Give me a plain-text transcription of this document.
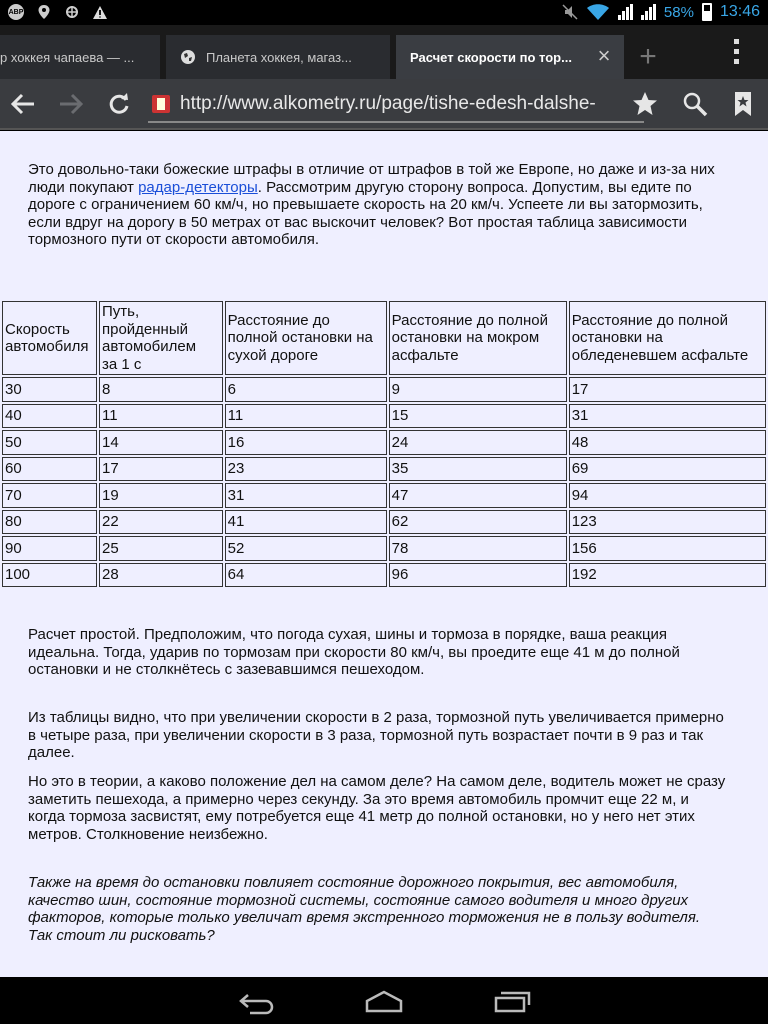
ABP	58% 13:46
р хоккея чапаева — ...	Планета хоккея, магаз...	Расчет скорости по тор... × +
http://www.alkometry.ru/page/tishe-edesh-dalshe-

Это довольно-таки божеские штрафы в отличие от штрафов в той же Европе, но даже и из-за них люди покупают радар-детекторы. Рассмотрим другую сторону вопроса. Допустим, вы едите по дороге с ограничением 60 км/ч, но превышаете скорость на 20 км/ч. Успеете ли вы затормозить, если вдруг на дорогу в 50 метрах от вас выскочит человек? Вот простая таблица зависимости тормозного пути от скорости автомобиля.

Скорость
автомобиля	Путь,
пройденный
автомобилем
за 1 с	Расстояние до
полной остановки на
сухой дороге	Расстояние до полной
остановки на мокром
асфальте	Расстояние до полной
остановки на
обледеневшем асфальте
30	8	6	9	17
40	11	11	15	31
50	14	16	24	48
60	17	23	35	69
70	19	31	47	94
80	22	41	62	123
90	25	52	78	156
100	28	64	96	192

Расчет простой. Предположим, что погода сухая, шины и тормоза в порядке, ваша реакция идеальна. Тогда, ударив по тормозам при скорости 80 км/ч, вы проедите еще 41 м до полной остановки и не столкнётесь с зазевавшимся пешеходом.

Из таблицы видно, что при увеличении скорости в 2 раза, тормозной путь увеличивается примерно в четыре раза, при увеличении скорости в 3 раза, тормозной путь возрастает почти в 9 раз и так далее.

Но это в теории, а каково положение дел на самом деле? На самом деле, водитель может не сразу заметить пешехода, а примерно через секунду. За это время автомобиль промчит еще 22 м, и когда тормоза засвистят, ему потребуется еще 41 метр до полной остановки, но у него нет этих метров. Столкновение неизбежно.

Также на время до остановки повлияет состояние дорожного покрытия, вес автомобиля, качество шин, состояние тормозной системы, состояние самого водителя и много других факторов, которые только увеличат время экстренного торможения не в пользу водителя. Так стоит ли рисковать?
